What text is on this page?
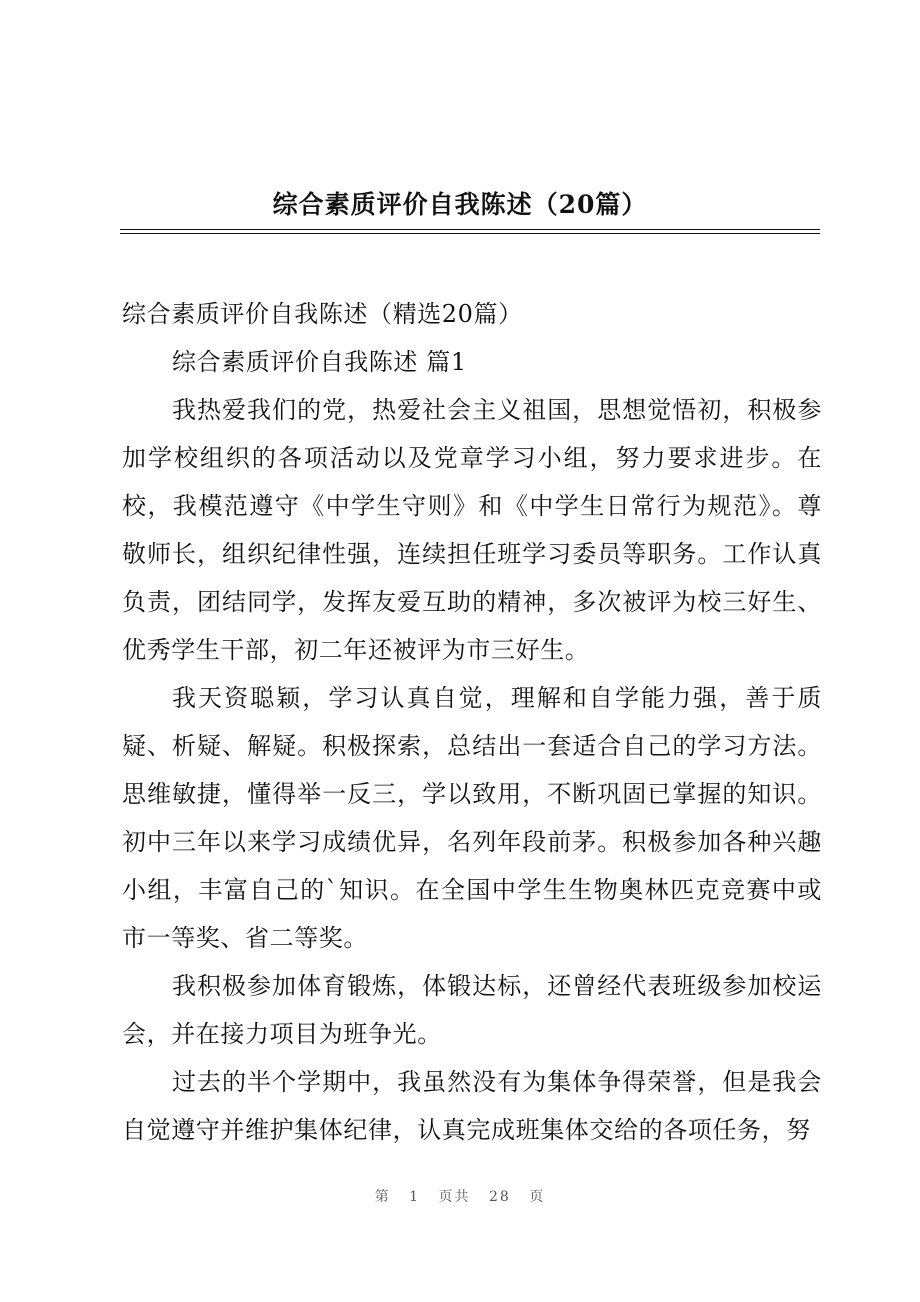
综合素质评价自我陈述（20篇）

综合素质评价自我陈述（精选20篇）

综合素质评价自我陈述 篇1

我热爱我们的党，热爱社会主义祖国，思想觉悟初，积极参加学校组织的各项活动以及党章学习小组，努力要求进步。在校，我模范遵守《中学生守则》和《中学生日常行为规范》。尊敬师长，组织纪律性强，连续担任班学习委员等职务。工作认真负责，团结同学，发挥友爱互助的精神，多次被评为校三好生、优秀学生干部，初二年还被评为市三好生。

我天资聪颖，学习认真自觉，理解和自学能力强，善于质疑、析疑、解疑。积极探索，总结出一套适合自己的学习方法。思维敏捷，懂得举一反三，学以致用，不断巩固已掌握的知识。初中三年以来学习成绩优异，名列年段前茅。积极参加各种兴趣小组，丰富自己的`知识。在全国中学生生物奥林匹克竞赛中或市一等奖、省二等奖。

我积极参加体育锻炼，体锻达标，还曾经代表班级参加校运会，并在接力项目为班争光。

过去的半个学期中，我虽然没有为集体争得荣誉，但是我会自觉遵守并维护集体纪律，认真完成班集体交给的各项任务，努

第 1 页共 28 页
